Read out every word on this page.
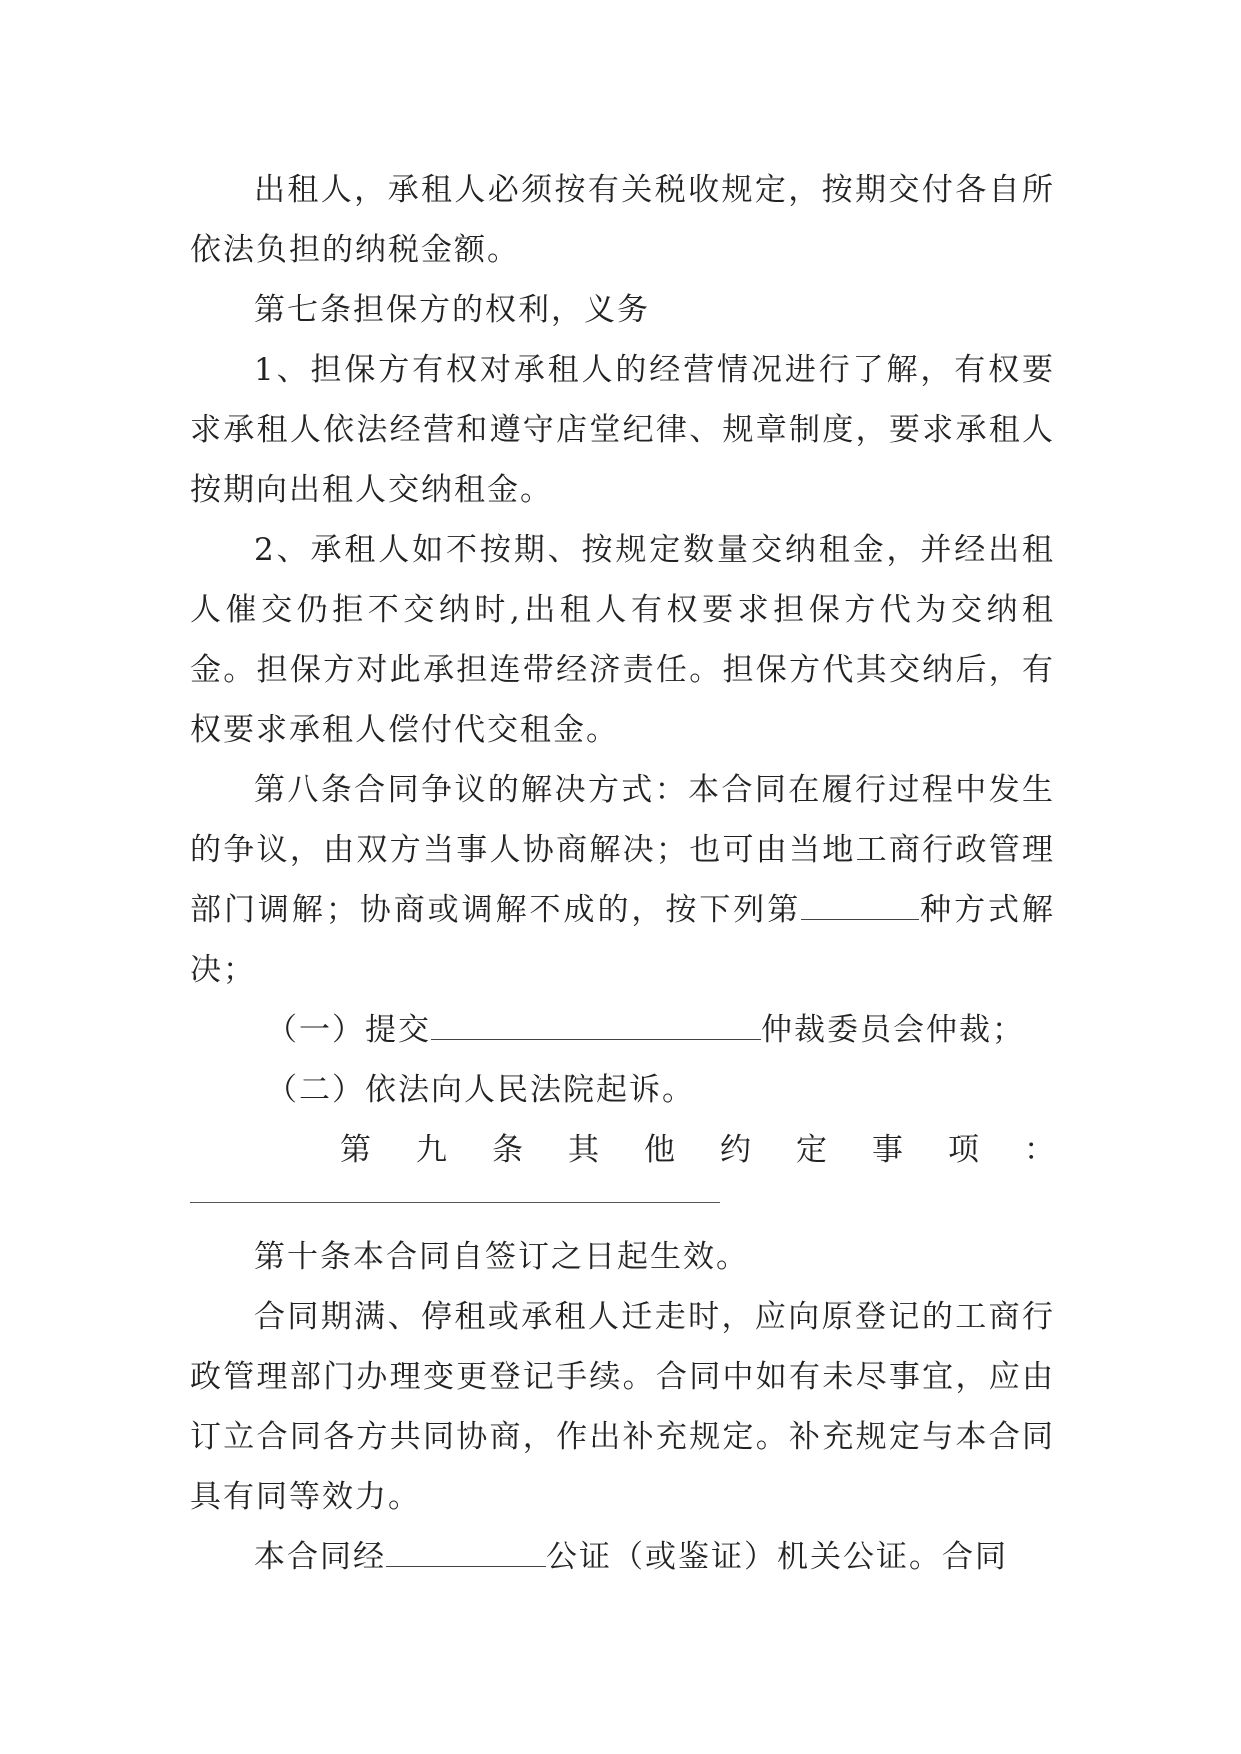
出租人，承租人必须按有关税收规定，按期交付各自所依法负担的纳税金额。

第七条担保方的权利，义务

1、担保方有权对承租人的经营情况进行了解，有权要求承租人依法经营和遵守店堂纪律、规章制度，要求承租人按期向出租人交纳租金。

2、承租人如不按期、按规定数量交纳租金，并经出租人催交仍拒不交纳时,出租人有权要求担保方代为交纳租金。担保方对此承担连带经济责任。担保方代其交纳后，有权要求承租人偿付代交租金。

第八条合同争议的解决方式：本合同在履行过程中发生的争议，由双方当事人协商解决；也可由当地工商行政管理部门调解；协商或调解不成的，按下列第	种方式解决；

（一）提交	仲裁委员会仲裁；

（二）依法向人民法院起诉。

第 九 条 其 他 约 定 事 项 ：

第十条本合同自签订之日起生效。

合同期满、停租或承租人迁走时，应向原登记的工商行政管理部门办理变更登记手续。合同中如有未尽事宜，应由订立合同各方共同协商，作出补充规定。补充规定与本合同具有同等效力。

本合同经	公证（或鉴证）机关公证。合同
